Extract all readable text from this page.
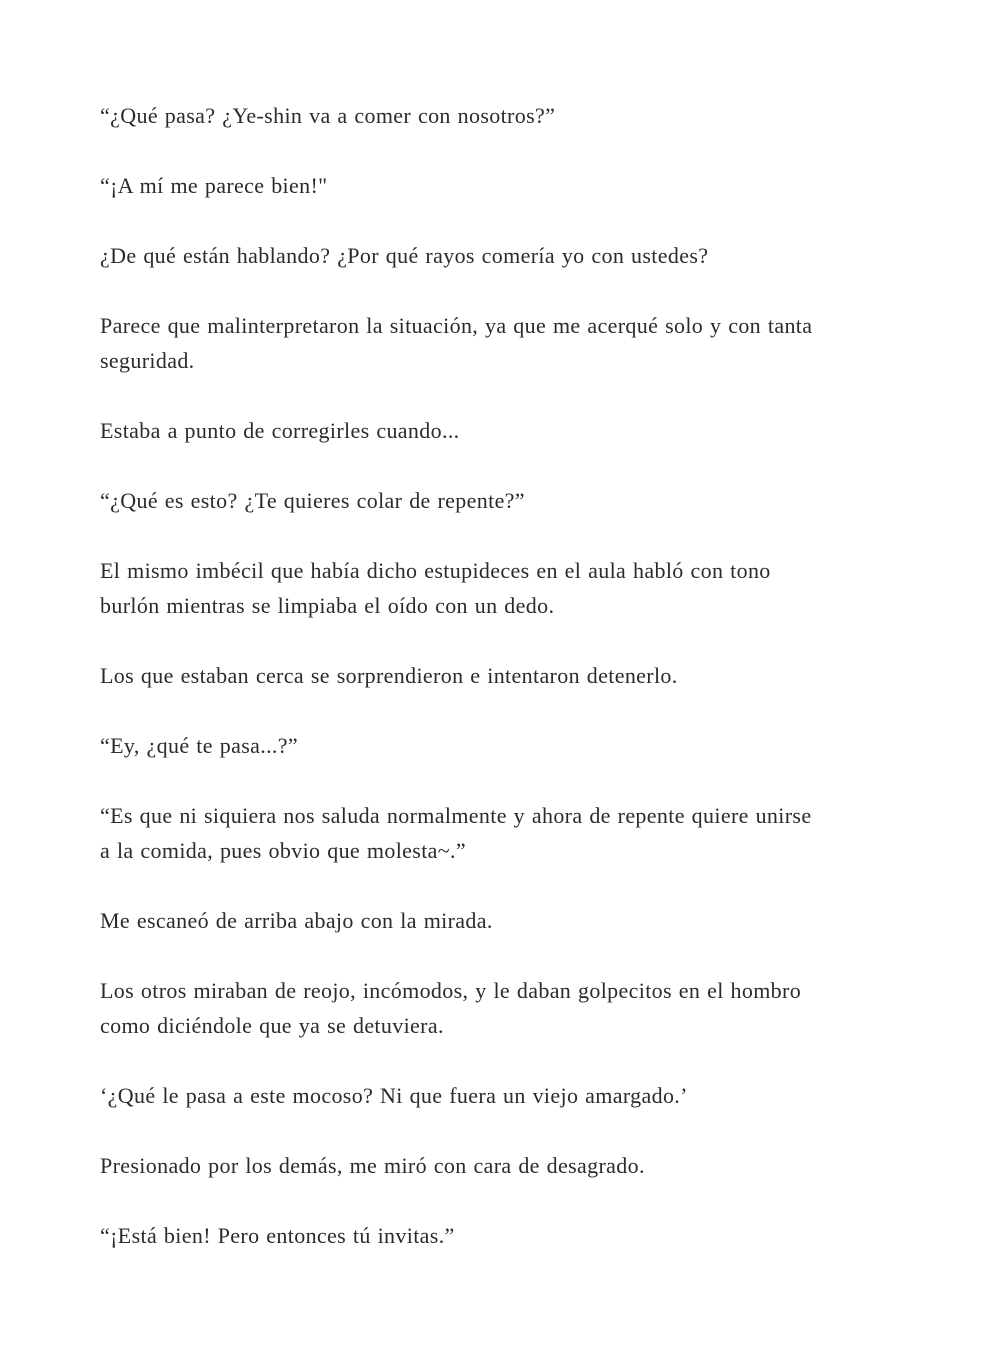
“¿Qué pasa? ¿Ye-shin va a comer con nosotros?”

“¡A mí me parece bien!"

¿De qué están hablando? ¿Por qué rayos comería yo con ustedes?

Parece que malinterpretaron la situación, ya que me acerqué solo y con tanta
seguridad.

Estaba a punto de corregirles cuando...

“¿Qué es esto? ¿Te quieres colar de repente?”

El mismo imbécil que había dicho estupideces en el aula habló con tono
burlón mientras se limpiaba el oído con un dedo.

Los que estaban cerca se sorprendieron e intentaron detenerlo.

“Ey, ¿qué te pasa...?”

“Es que ni siquiera nos saluda normalmente y ahora de repente quiere unirse
a la comida, pues obvio que molesta~.”

Me escaneó de arriba abajo con la mirada.

Los otros miraban de reojo, incómodos, y le daban golpecitos en el hombro
como diciéndole que ya se detuviera.

‘¿Qué le pasa a este mocoso? Ni que fuera un viejo amargado.’

Presionado por los demás, me miró con cara de desagrado.

“¡Está bien! Pero entonces tú invitas.”
